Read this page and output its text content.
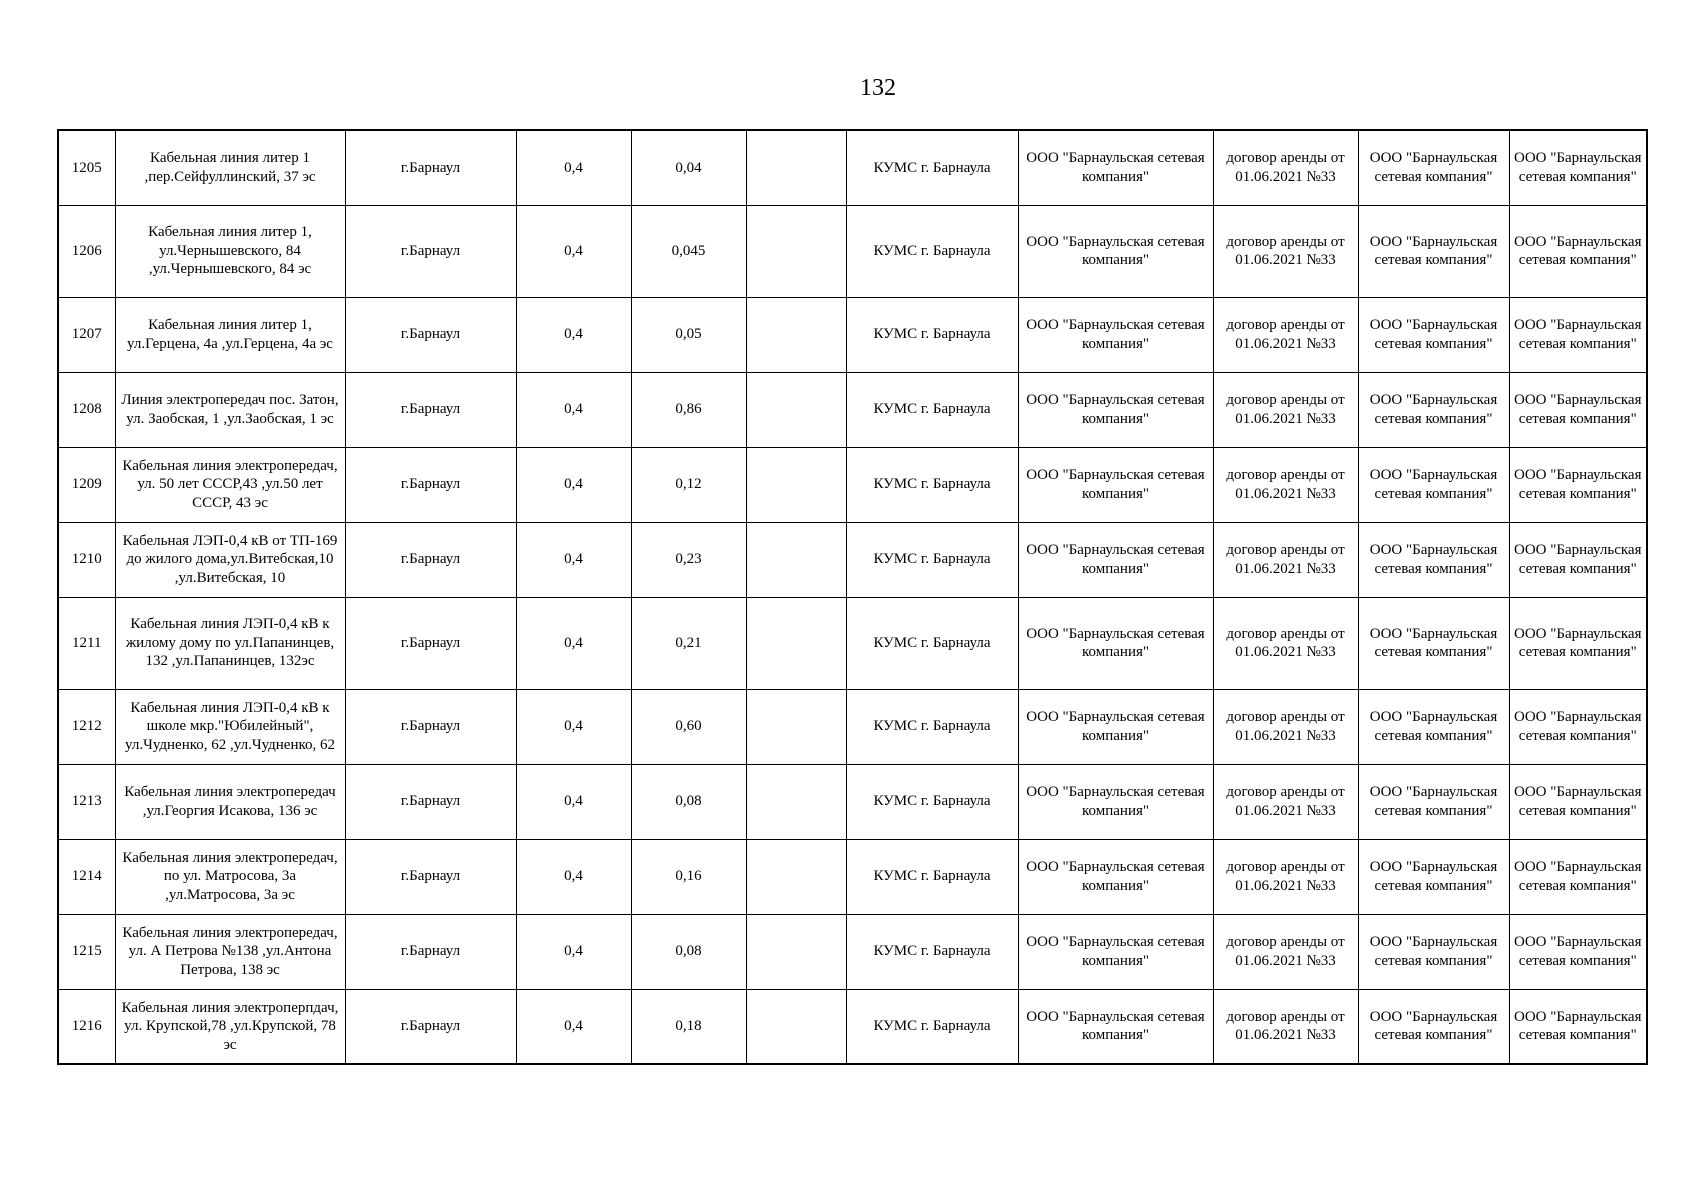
132
1205	Кабельная линия литер 1 ,пер.Сейфуллинский, 37 эс	г.Барнаул	0,4	0,04		КУМС г. Барнаула	ООО "Барнаульская сетевая компания"	договор аренды от 01.06.2021 №33	ООО "Барнаульская сетевая компания"	ООО "Барнаульская сетевая компания"

1206	Кабельная линия литер 1, ул.Чернышевского, 84 ,ул.Чернышевского, 84 эс	г.Барнаул	0,4	0,045		КУМС г. Барнаула	ООО "Барнаульская сетевая компания"	договор аренды от 01.06.2021 №33	ООО "Барнаульская сетевая компания"	ООО "Барнаульская сетевая компания"

1207	Кабельная линия литер 1, ул.Герцена, 4а ,ул.Герцена, 4а эс	г.Барнаул	0,4	0,05		КУМС г. Барнаула	ООО "Барнаульская сетевая компания"	договор аренды от 01.06.2021 №33	ООО "Барнаульская сетевая компания"	ООО "Барнаульская сетевая компания"

1208	Линия электропередач пос. Затон, ул. Заобская, 1 ,ул.Заобская, 1 эс	г.Барнаул	0,4	0,86		КУМС г. Барнаула	ООО "Барнаульская сетевая компания"	договор аренды от 01.06.2021 №33	ООО "Барнаульская сетевая компания"	ООО "Барнаульская сетевая компания"

1209	Кабельная линия электропередач, ул. 50 лет СССР,43 ,ул.50 лет СССР, 43 эс	г.Барнаул	0,4	0,12		КУМС г. Барнаула	ООО "Барнаульская сетевая компания"	договор аренды от 01.06.2021 №33	ООО "Барнаульская сетевая компания"	ООО "Барнаульская сетевая компания"

1210	Кабельная ЛЭП-0,4 кВ от ТП-169 до жилого дома,ул.Витебская,10 ,ул.Витебская, 10	г.Барнаул	0,4	0,23		КУМС г. Барнаула	ООО "Барнаульская сетевая компания"	договор аренды от 01.06.2021 №33	ООО "Барнаульская сетевая компания"	ООО "Барнаульская сетевая компания"

1211	Кабельная линия ЛЭП-0,4 кВ к жилому дому по ул.Папанинцев, 132 ,ул.Папанинцев, 132эс	г.Барнаул	0,4	0,21		КУМС г. Барнаула	ООО "Барнаульская сетевая компания"	договор аренды от 01.06.2021 №33	ООО "Барнаульская сетевая компания"	ООО "Барнаульская сетевая компания"

1212	Кабельная линия ЛЭП-0,4 кВ к школе мкр."Юбилейный", ул.Чудненко, 62 ,ул.Чудненко, 62	г.Барнаул	0,4	0,60		КУМС г. Барнаула	ООО "Барнаульская сетевая компания"	договор аренды от 01.06.2021 №33	ООО "Барнаульская сетевая компания"	ООО "Барнаульская сетевая компания"

1213	Кабельная линия электропередач ,ул.Георгия Исакова, 136 эс	г.Барнаул	0,4	0,08		КУМС г. Барнаула	ООО "Барнаульская сетевая компания"	договор аренды от 01.06.2021 №33	ООО "Барнаульская сетевая компания"	ООО "Барнаульская сетевая компания"

1214	Кабельная линия электропередач, по ул. Матросова, 3а ,ул.Матросова, 3а эс	г.Барнаул	0,4	0,16		КУМС г. Барнаула	ООО "Барнаульская сетевая компания"	договор аренды от 01.06.2021 №33	ООО "Барнаульская сетевая компания"	ООО "Барнаульская сетевая компания"

1215	Кабельная линия электропередач, ул. А Петрова №138 ,ул.Антона Петрова, 138 эс	г.Барнаул	0,4	0,08		КУМС г. Барнаула	ООО "Барнаульская сетевая компания"	договор аренды от 01.06.2021 №33	ООО "Барнаульская сетевая компания"	ООО "Барнаульская сетевая компания"

1216	Кабельная линия электроперпдач, ул. Крупской,78 ,ул.Крупской, 78 эс	г.Барнаул	0,4	0,18		КУМС г. Барнаула	ООО "Барнаульская сетевая компания"	договор аренды от 01.06.2021 №33	ООО "Барнаульская сетевая компания"	ООО "Барнаульская сетевая компания"
